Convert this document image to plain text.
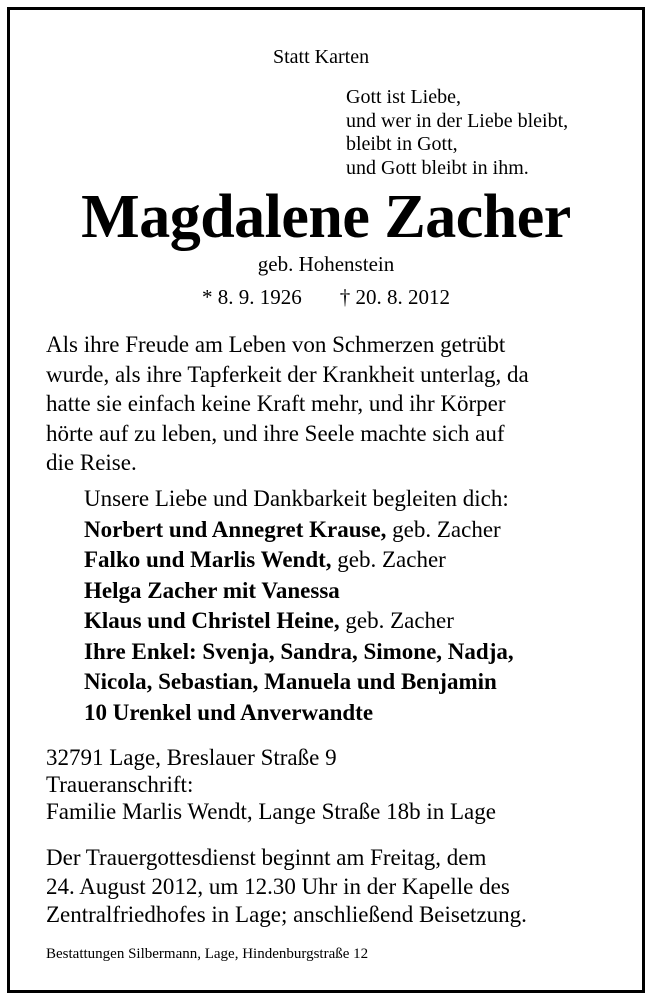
Statt Karten
Gott ist Liebe,
und wer in der Liebe bleibt,
bleibt in Gott,
und Gott bleibt in ihm.
Magdalene Zacher
geb. Hohenstein
* 8. 9. 1926 † 20. 8. 2012
Als ihre Freude am Leben von Schmerzen getrübt
wurde, als ihre Tapferkeit der Krankheit unterlag, da
hatte sie einfach keine Kraft mehr, und ihr Körper
hörte auf zu leben, und ihre Seele machte sich auf
die Reise.
Unsere Liebe und Dankbarkeit begleiten dich:
Norbert und Annegret Krause, geb. Zacher
Falko und Marlis Wendt, geb. Zacher
Helga Zacher mit Vanessa
Klaus und Christel Heine, geb. Zacher
Ihre Enkel: Svenja, Sandra, Simone, Nadja,
Nicola, Sebastian, Manuela und Benjamin
10 Urenkel und Anverwandte
32791 Lage, Breslauer Straße 9
Traueranschrift:
Familie Marlis Wendt, Lange Straße 18b in Lage
Der Trauergottesdienst beginnt am Freitag, dem
24. August 2012, um 12.30 Uhr in der Kapelle des
Zentralfriedhofes in Lage; anschließend Beisetzung.
Bestattungen Silbermann, Lage, Hindenburgstraße 12
